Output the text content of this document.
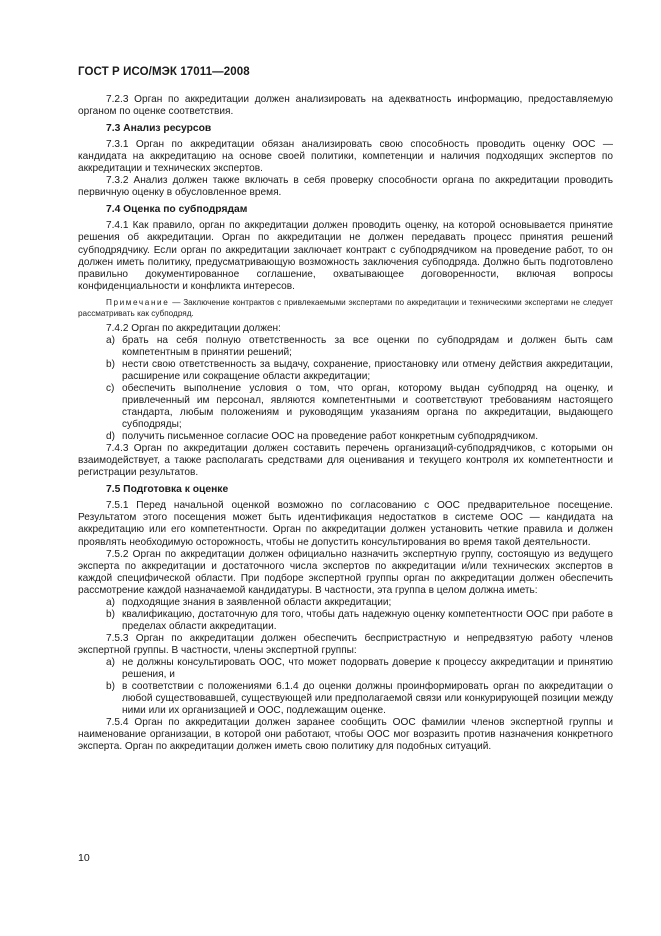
ГОСТ Р ИСО/МЭК 17011—2008

7.2.3 Орган по аккредитации должен анализировать на адекватность информацию, предоставляемую органом по оценке соответствия.

7.3 Анализ ресурсов

7.3.1 Орган по аккредитации обязан анализировать свою способность проводить оценку ООС — кандидата на аккредитацию на основе своей политики, компетенции и наличия подходящих экспертов по аккредитации и технических экспертов.

7.3.2 Анализ должен также включать в себя проверку способности органа по аккредитации проводить первичную оценку в обусловленное время.

7.4 Оценка по субподрядам

7.4.1 Как правило, орган по аккредитации должен проводить оценку, на которой основывается принятие решения об аккредитации. Орган по аккредитации не должен передавать процесс принятия решений субподрядчику. Если орган по аккредитации заключает контракт с субподрядчиком на проведение работ, то он должен иметь политику, предусматривающую возможность заключения субподряда. Должно быть подготовлено правильно документированное соглашение, охватывающее договоренности, включая вопросы конфиденциальности и конфликта интересов.

Примечание — Заключение контрактов с привлекаемыми экспертами по аккредитации и техническими экспертами не следует рассматривать как субподряд.

7.4.2 Орган по аккредитации должен:

a) брать на себя полную ответственность за все оценки по субподрядам и должен быть сам компетентным в принятии решений;
b) нести свою ответственность за выдачу, сохранение, приостановку или отмену действия аккредитации, расширение или сокращение области аккредитации;
c) обеспечить выполнение условия о том, что орган, которому выдан субподряд на оценку, и привлеченный им персонал, являются компетентными и соответствуют требованиям настоящего стандарта, любым положениям и руководящим указаниям органа по аккредитации, выдающего субподряды;
d) получить письменное согласие ООС на проведение работ конкретным субподрядчиком.

7.4.3 Орган по аккредитации должен составить перечень организаций-субподрядчиков, с которыми он взаимодействует, а также располагать средствами для оценивания и текущего контроля их компетентности и регистрации результатов.

7.5 Подготовка к оценке

7.5.1 Перед начальной оценкой возможно по согласованию с ООС предварительное посещение. Результатом этого посещения может быть идентификация недостатков в системе ООС — кандидата на аккредитацию или его компетентности. Орган по аккредитации должен установить четкие правила и должен проявлять необходимую осторожность, чтобы не допустить консультирования во время такой деятельности.

7.5.2 Орган по аккредитации должен официально назначить экспертную группу, состоящую из ведущего эксперта по аккредитации и достаточного числа экспертов по аккредитации и/или технических экспертов в каждой специфической области. При подборе экспертной группы орган по аккредитации должен обеспечить рассмотрение каждой назначаемой кандидатуры. В частности, эта группа в целом должна иметь:

a) подходящие знания в заявленной области аккредитации;
b) квалификацию, достаточную для того, чтобы дать надежную оценку компетентности ООС при работе в пределах области аккредитации.

7.5.3 Орган по аккредитации должен обеспечить беспристрастную и непредвзятую работу членов экспертной группы. В частности, члены экспертной группы:

a) не должны консультировать ООС, что может подорвать доверие к процессу аккредитации и принятию решения, и
b) в соответствии с положениями 6.1.4 до оценки должны проинформировать орган по аккредитации о любой существовавшей, существующей или предполагаемой связи или конкурирующей позиции между ними или их организацией и ООС, подлежащим оценке.

7.5.4 Орган по аккредитации должен заранее сообщить ООС фамилии членов экспертной группы и наименование организации, в которой они работают, чтобы ООС мог возразить против назначения конкретного эксперта. Орган по аккредитации должен иметь свою политику для подобных ситуаций.

10
